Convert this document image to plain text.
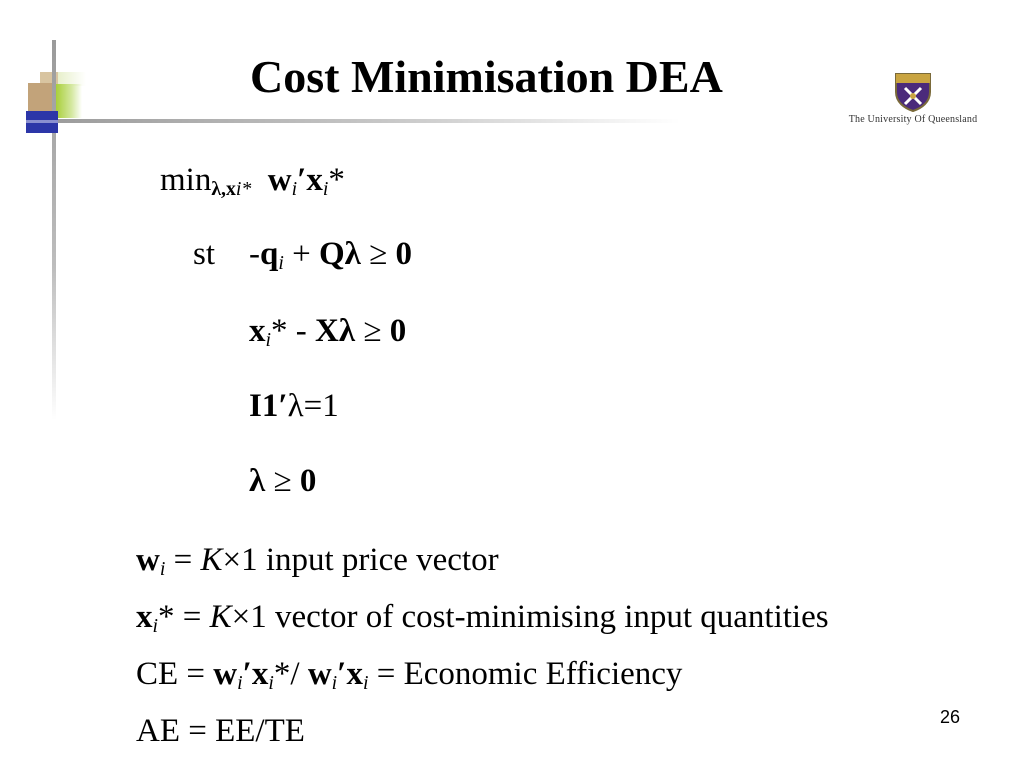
Cost Minimisation DEA
The University Of Queensland
$\min_{\lambda,xi*} w_i'x_i*$
st $-q_i + Q\lambda \ge 0$
$x_i* - X\lambda \ge 0$
I1′λ=1
λ ≥ 0
$w_i = K\times 1$ input price vector
$x_i* = K\times 1$ vector of cost-minimising input quantities
CE = $w_i'x_i*/$ $w_i'x_i$ = Economic Efficiency
AE = EE/TE	26
